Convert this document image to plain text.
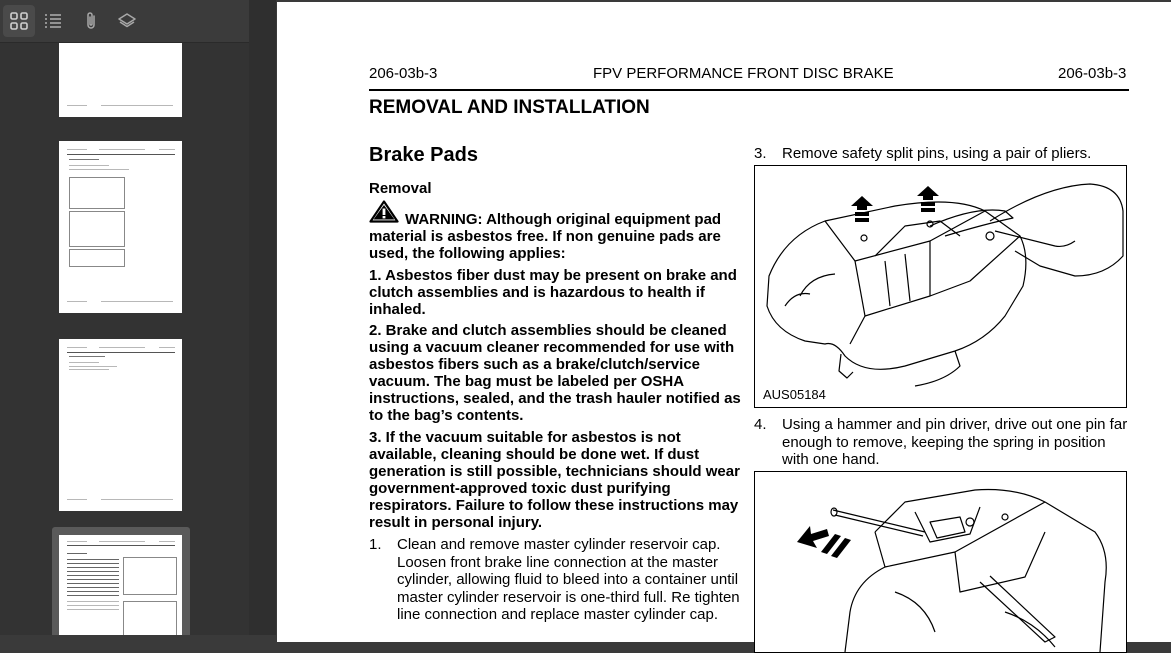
206-03b-3	FPV PERFORMANCE FRONT DISC BRAKE	206-03b-3
REMOVAL AND INSTALLATION
Brake Pads
Removal
WARNING: Although original equipment pad material is asbestos free. If non genuine pads are used, the following applies:
1. Asbestos fiber dust may be present on brake and clutch assemblies and is hazardous to health if inhaled.
2. Brake and clutch assemblies should be cleaned using a vacuum cleaner recommended for use with asbestos fibers such as a brake/clutch/service vacuum. The bag must be labeled per OSHA instructions, sealed, and the trash hauler notified as to the bag’s contents.
3. If the vacuum suitable for asbestos is not available, cleaning should be done wet. If dust generation is still possible, technicians should wear government-approved toxic dust purifying respirators. Failure to follow these instructions may result in personal injury.
1. Clean and remove master cylinder reservoir cap. Loosen front brake line connection at the master cylinder, allowing fluid to bleed into a container until master cylinder reservoir is one-third full. Re tighten line connection and replace master cylinder cap.
3. Remove safety split pins, using a pair of pliers.
AUS05184
4. Using a hammer and pin driver, drive out one pin far enough to remove, keeping the spring in position with one hand.
